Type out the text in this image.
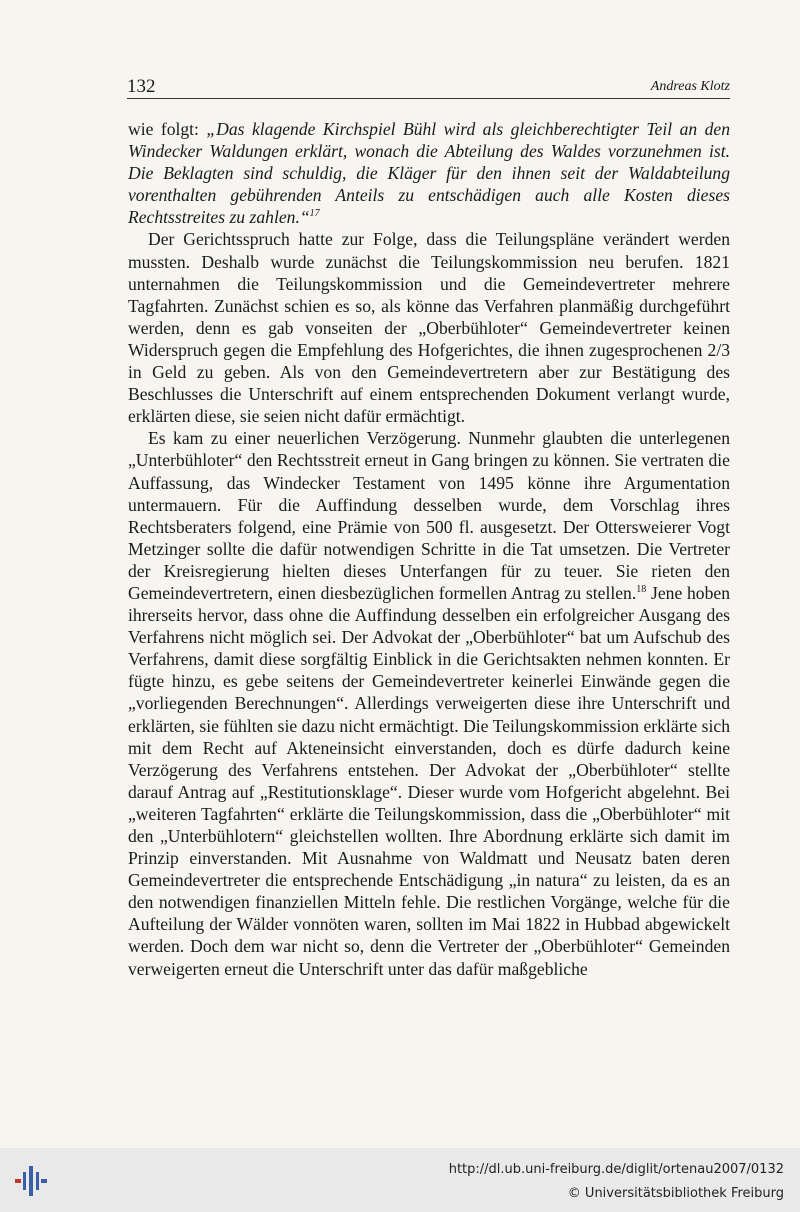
132	Andreas Klotz

wie folgt: „Das klagende Kirchspiel Bühl wird als gleichberechtigter Teil an den Windecker Waldungen erklärt, wonach die Abteilung des Waldes vorzunehmen ist. Die Beklagten sind schuldig, die Kläger für den ihnen seit der Waldabteilung vorenthalten gebührenden Anteils zu entschädigen auch alle Kosten dieses Rechtsstreites zu zahlen.“$^{17}$

Der Gerichtsspruch hatte zur Folge, dass die Teilungspläne verändert werden mussten. Deshalb wurde zunächst die Teilungskommission neu berufen. 1821 unternahmen die Teilungskommission und die Gemeindevertreter mehrere Tagfahrten. Zunächst schien es so, als könne das Verfahren planmäßig durchgeführt werden, denn es gab vonseiten der „Oberbühloter“ Gemeindevertreter keinen Widerspruch gegen die Empfehlung des Hofgerichtes, die ihnen zugesprochenen 2/3 in Geld zu geben. Als von den Gemeindevertretern aber zur Bestätigung des Beschlusses die Unterschrift auf einem entsprechenden Dokument verlangt wurde, erklärten diese, sie seien nicht dafür ermächtigt.

Es kam zu einer neuerlichen Verzögerung. Nunmehr glaubten die unterlegenen „Unterbühloter“ den Rechtsstreit erneut in Gang bringen zu können. Sie vertraten die Auffassung, das Windecker Testament von 1495 könne ihre Argumentation untermauern. Für die Auffindung desselben wurde, dem Vorschlag ihres Rechtsberaters folgend, eine Prämie von 500 fl. ausgesetzt. Der Ottersweierer Vogt Metzinger sollte die dafür notwendigen Schritte in die Tat umsetzen. Die Vertreter der Kreisregierung hielten dieses Unterfangen für zu teuer. Sie rieten den Gemeindevertretern, einen diesbezüglichen formellen Antrag zu stellen.$^{18}$ Jene hoben ihrerseits hervor, dass ohne die Auffindung desselben ein erfolgreicher Ausgang des Verfahrens nicht möglich sei. Der Advokat der „Oberbühloter“ bat um Aufschub des Verfahrens, damit diese sorgfältig Einblick in die Gerichtsakten nehmen konnten. Er fügte hinzu, es gebe seitens der Gemeindevertreter keinerlei Einwände gegen die „vorliegenden Berechnungen“. Allerdings verweigerten diese ihre Unterschrift und erklärten, sie fühlten sie dazu nicht ermächtigt. Die Teilungskommission erklärte sich mit dem Recht auf Akteneinsicht einverstanden, doch es dürfe dadurch keine Verzögerung des Verfahrens entstehen. Der Advokat der „Oberbühloter“ stellte darauf Antrag auf „Restitutionsklage“. Dieser wurde vom Hofgericht abgelehnt. Bei „weiteren Tagfahrten“ erklärte die Teilungskommission, dass die „Oberbühloter“ mit den „Unterbühlotern“ gleichstellen wollten. Ihre Abordnung erklärte sich damit im Prinzip einverstanden. Mit Ausnahme von Waldmatt und Neusatz baten deren Gemeindevertreter die entsprechende Entschädigung „in natura“ zu leisten, da es an den notwendigen finanziellen Mitteln fehle. Die restlichen Vorgänge, welche für die Aufteilung der Wälder vonnöten waren, sollten im Mai 1822 in Hubbad abgewickelt werden. Doch dem war nicht so, denn die Vertreter der „Oberbühloter“ Gemeinden verweigerten erneut die Unterschrift unter das dafür maßgebliche

http://dl.ub.uni-freiburg.de/diglit/ortenau2007/0132
© Universitätsbibliothek Freiburg
